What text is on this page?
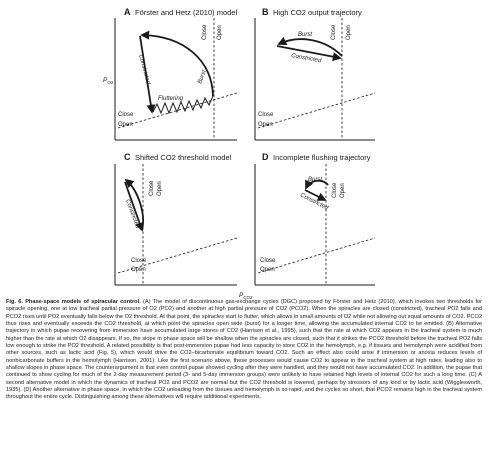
A Förster and Hetz (2010) model
Close Open
Close
Open
Constricted
Fluttering
Burst
$P_{O2}$
B High CO2 output trajectory
Close
Close
Open
Burst
Constricted
Open
C Shifted CO2 threshold model
Constricted
Close Open
Close
Open
D Incomplete flushing trajectory
Burst
Constricted
Close Open
Close
Open
$P_{CO2}$
Fig. 6. Phase-space models of spiracular control. (A) The model of discontinuous gas-exchange cycles (DGC) proposed by Förster and Hetz (2010), which invokes two thresholds for spiracle opening, one at low tracheal partial pressure of O2 (PO2) and another at high partial pressure of CO2 (PCO2). When the spiracles are closed (constricted), tracheal PO2 falls and PCO2 rises until PO2 eventually falls below the O2 threshold. At that point, the spiracles start to flutter, which allows in small amounts of O2 while not allowing out equal amounts of CO2. PCO2 thus rises and eventually exceeds the CO2 threshold, at which point the spiracles open wide (burst) for a longer time, allowing the accumulated internal CO2 to be emitted. (B) Alternative trajectory in which pupae recovering from immersion have accumulated large stores of CO2 (Harrison et al., 1995), such that the rate at which CO2 appears in the tracheal system is much higher than the rate at which O2 disappears. If so, the slope in phase space will be shallow when the spiracles are closed, such that it strikes the PCO2 threshold before the tracheal PO2 falls low enough to strike the PO2 threshold. A related possibility is that post-immersion pupae had less capacity to store CO2 in the hemolymph, e.g. if tissues and hemolymph were acidified from other sources, such as lactic acid (Fig. 5), which would drive the CO2–bicarbonate equilibrium toward CO2. Such an effect also could arise if immersion or anoxia reduces levels of nonbicarbonate buffers in the hemolymph (Harrison, 2001). Like the first scenario above, these processes would cause CO2 to appear in the tracheal system at high rates, leading also to shallow slopes in phase space. The counterargument is that even control pupae showed cycling after they were handled, and they would not have accumulated CO2. In addition, the pupae that continued to show cycling for much of the 2-day measurement period (3- and 5-day immersion groups) were unlikely to have retained high levels of internal CO2 for such a long time. (C) A second alternative model in which the dynamics of tracheal PO2 and PCO2 are normal but the CO2 threshold is lowered, perhaps by stressors of any kind or by lactic acid (Wigglesworth, 1935). (D) Another alternative in phase space, in which the CO2 unloading from the tissues and hemolymph is so rapid, and the cycles so short, that PCO2 remains high in the tracheal system throughout the entire cycle. Distinguishing among these alternatives will require additional experiments.
